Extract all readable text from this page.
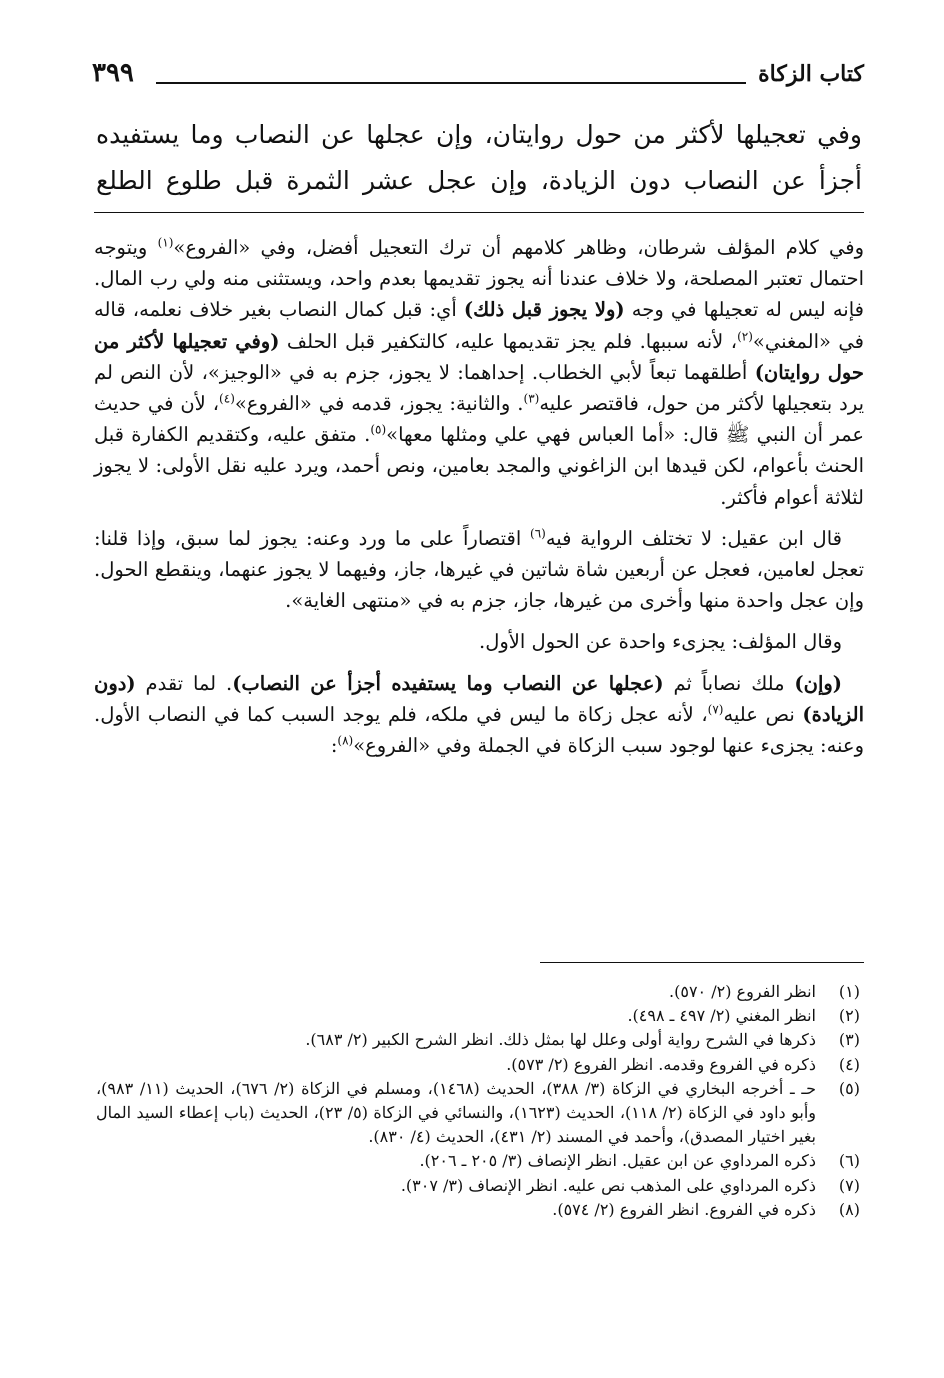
كتاب الزكاة
٣٩٩

وفي تعجيلها لأكثر من حول روايتان، وإن عجلها عن النصاب وما يستفيده

أجزأ عن النصاب دون الزيادة، وإن عجل عشر الثمرة قبل طلوع الطلع

وفي كلام المؤلف شرطان، وظاهر كلامهم أن ترك التعجيل أفضل، وفي «الفروع»$^{(١)}$ ويتوجه احتمال تعتبر المصلحة، ولا خلاف عندنا أنه يجوز تقديمها بعدم واحد، ويستثنى منه ولي رب المال. فإنه ليس له تعجيلها في وجه (ولا يجوز قبل ذلك) أي: قبل كمال النصاب بغير خلاف نعلمه، قاله في «المغني»$^{(٢)}$، لأنه سببها. فلم يجز تقديمها عليه، كالتكفير قبل الحلف (وفي تعجيلها لأكثر من حول روايتان) أطلقهما تبعاً لأبي الخطاب. إحداهما: لا يجوز، جزم به في «الوجيز»، لأن النص لم يرد بتعجيلها لأكثر من حول، فاقتصر عليه$^{(٣)}$. والثانية: يجوز، قدمه في «الفروع»$^{(٤)}$، لأن في حديث عمر أن النبي ﷺ قال: «أما العباس فهي علي ومثلها معها»$^{(٥)}$. متفق عليه، وكتقديم الكفارة قبل الحنث بأعوام، لكن قيدها ابن الزاغوني والمجد بعامين، ونص أحمد، ويرد عليه نقل الأولى: لا يجوز لثلاثة أعوام فأكثر.

قال ابن عقيل: لا تختلف الرواية فيه$^{(٦)}$ اقتصاراً على ما ورد وعنه: يجوز لما سبق، وإذا قلنا: تعجل لعامين، فعجل عن أربعين شاة شاتين في غيرها، جاز، وفيهما لا يجوز عنهما، وينقطع الحول. وإن عجل واحدة منها وأخرى من غيرها، جاز، جزم به في «منتهى الغاية».

وقال المؤلف: يجزىء واحدة عن الحول الأول.

(وإن) ملك نصاباً ثم (عجلها عن النصاب وما يستفيده أجزأ عن النصاب). لما تقدم (دون الزيادة) نص عليه$^{(٧)}$، لأنه عجل زكاة ما ليس في ملكه، فلم يوجد السبب كما في النصاب الأول. وعنه: يجزىء عنها لوجود سبب الزكاة في الجملة وفي «الفروع»$^{(٨)}$:

(١)
انظر الفروع (٢/ ٥٧٠).
(٢)
انظر المغني (٢/ ٤٩٧ ـ ٤٩٨).
(٣)
ذكرها في الشرح رواية أولى وعلل لها بمثل ذلك. انظر الشرح الكبير (٢/ ٦٨٣).
(٤)
ذكره في الفروع وقدمه. انظر الفروع (٢/ ٥٧٣).
(٥)
حـ ـ أخرجه البخاري في الزكاة (٣/ ٣٨٨)، الحديث (١٤٦٨)، ومسلم في الزكاة (٢/ ٦٧٦)، الحديث (١١/ ٩٨٣)، وأبو داود في الزكاة (٢/ ١١٨)، الحديث (١٦٢٣)، والنسائي في الزكاة (٥/ ٢٣)، الحديث (باب إعطاء السيد المال بغير اختيار المصدق)، وأحمد في المسند (٢/ ٤٣١)، الحديث (٤/ ٨٣٠).
(٦)
ذكره المرداوي عن ابن عقيل. انظر الإنصاف (٣/ ٢٠٥ ـ ٢٠٦).
(٧)
ذكره المرداوي على المذهب نص عليه. انظر الإنصاف (٣/ ٣٠٧).
(٨)
ذكره في الفروع. انظر الفروع (٢/ ٥٧٤).
